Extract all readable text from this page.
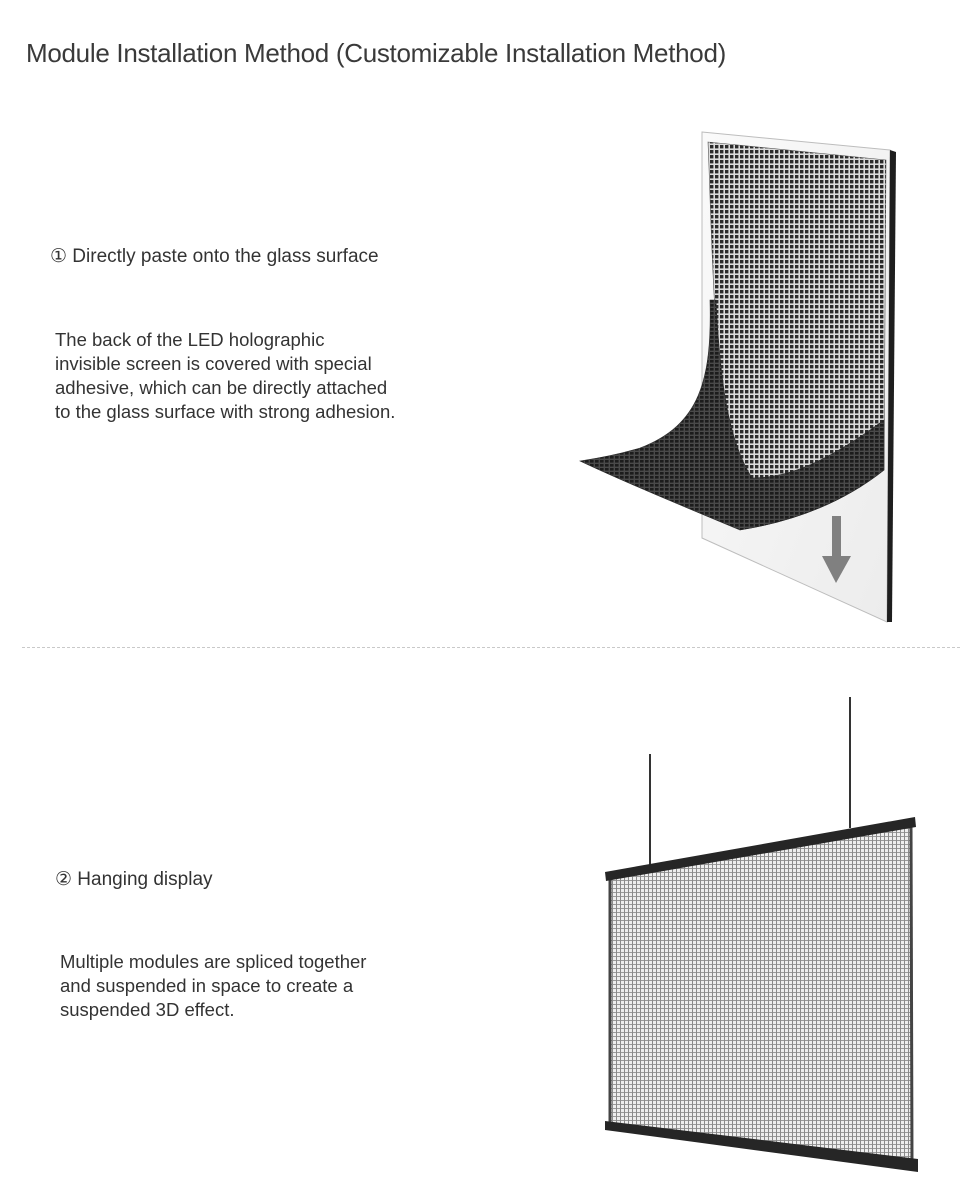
Module Installation Method (Customizable Installation Method)
① Directly paste onto the glass surface

The back of the LED holographic
invisible screen is covered with special
adhesive, which can be directly attached
to the glass surface with strong adhesion.

② Hanging display

Multiple modules are spliced together
and suspended in space to create a
suspended 3D effect.
